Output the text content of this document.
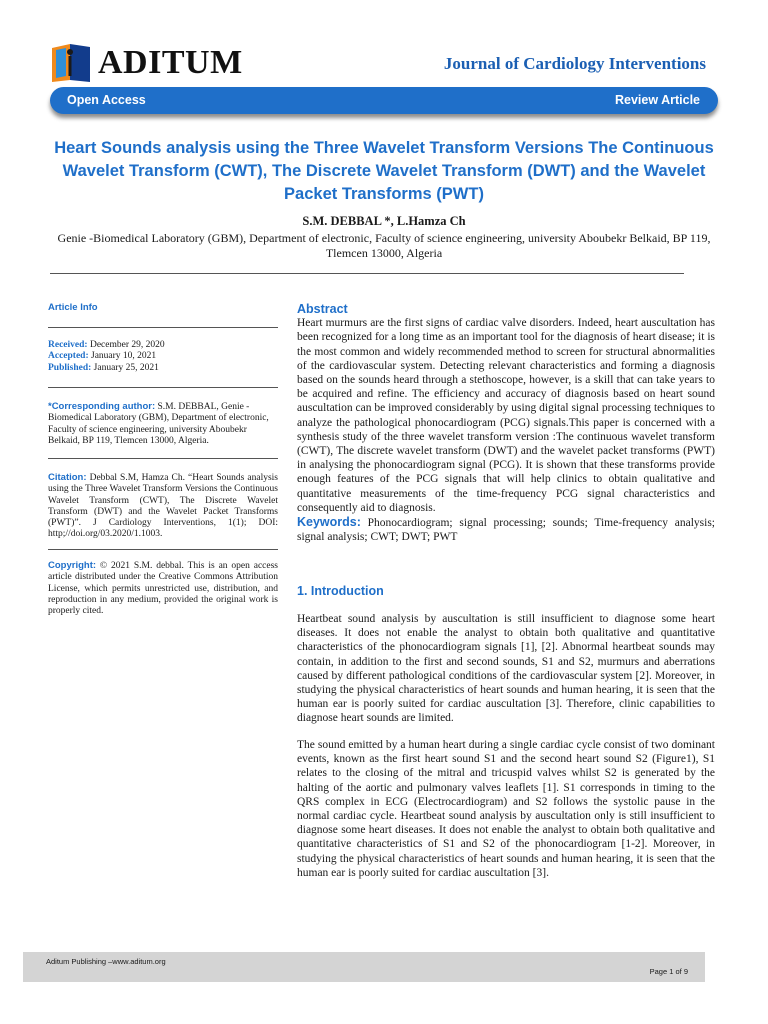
ADITUM	Journal of Cardiology Interventions
Open Access	Review Article
Heart Sounds analysis using the Three Wavelet Transform Versions The Continuous Wavelet Transform (CWT), The Discrete Wavelet Transform (DWT) and the Wavelet Packet Transforms (PWT)
S.M. DEBBAL *, L.Hamza Ch
Genie -Biomedical Laboratory (GBM), Department of electronic, Faculty of science engineering, university Aboubekr Belkaid, BP 119, Tlemcen 13000, Algeria
Article Info
Received: December 29, 2020
Accepted: January 10, 2021
Published: January 25, 2021
*Corresponding author: S.M. DEBBAL, Genie - Biomedical Laboratory (GBM), Department of electronic, Faculty of science engineering, university Aboubekr Belkaid, BP 119, Tlemcen 13000, Algeria.
Citation: Debbal S.M, Hamza Ch. “Heart Sounds analysis using the Three Wavelet Transform Versions the Continuous Wavelet Transform (CWT), The Discrete Wavelet Transform (DWT) and the Wavelet Packet Transforms (PWT)”. J Cardiology Interventions, 1(1); DOI: http;//doi.org/03.2020/1.1003.
Copyright: © 2021 S.M. debbal. This is an open access article distributed under the Creative Commons Attribution License, which permits unrestricted use, distribution, and reproduction in any medium, provided the original work is properly cited.
Abstract

Heart murmurs are the first signs of cardiac valve disorders. Indeed, heart auscultation has been recognized for a long time as an important tool for the diagnosis of heart disease; it is the most common and widely recommended method to screen for structural abnormalities of the cardiovascular system. Detecting relevant characteristics and forming a diagnosis based on the sounds heard through a stethoscope, however, is a skill that can take years to be acquired and refine. The efficiency and accuracy of diagnosis based on heart sound auscultation can be improved considerably by using digital signal processing techniques to analyze the pathological phonocardiogram (PCG) signals.This paper is concerned with a synthesis study of the three wavelet transform version :The continuous wavelet transform (CWT), The discrete wavelet transform (DWT) and the wavelet packet transforms (PWT) in analysing the phonocardiogram signal (PCG). It is shown that these transforms provide enough features of the PCG signals that will help clinics to obtain qualitative and quantitative measurements of the time-frequency PCG signal characteristics and consequently aid to diagnosis.

Keywords: Phonocardiogram; signal processing; sounds; Time-frequency analysis; signal analysis; CWT; DWT; PWT

1. Introduction

Heartbeat sound analysis by auscultation is still insufficient to diagnose some heart diseases. It does not enable the analyst to obtain both qualitative and quantitative characteristics of the phonocardiogram signals [1], [2]. Abnormal heartbeat sounds may contain, in addition to the first and second sounds, S1 and S2, murmurs and aberrations caused by different pathological conditions of the cardiovascular system [2]. Moreover, in studying the physical characteristics of heart sounds and human hearing, it is seen that the human ear is poorly suited for cardiac auscultation [3]. Therefore, clinic capabilities to diagnose heart sounds are limited.

The sound emitted by a human heart during a single cardiac cycle consist of two dominant events, known as the first heart sound S1 and the second heart sound S2 (Figure1), S1 relates to the closing of the mitral and tricuspid valves whilst S2 is generated by the halting of the aortic and pulmonary valves leaflets [1]. S1 corresponds in timing to the QRS complex in ECG (Electrocardiogram) and S2 follows the systolic pause in the normal cardiac cycle. Heartbeat sound analysis by auscultation only is still insufficient to diagnose some heart diseases. It does not enable the analyst to obtain both qualitative and quantitative characteristics of S1 and S2 of the phonocardiogram [1-2]. Moreover, in studying the physical characteristics of heart sounds and human hearing, it is seen that the human ear is poorly suited for cardiac auscultation [3].

Aditum Publishing –www.aditum.org
Page 1 of 9
